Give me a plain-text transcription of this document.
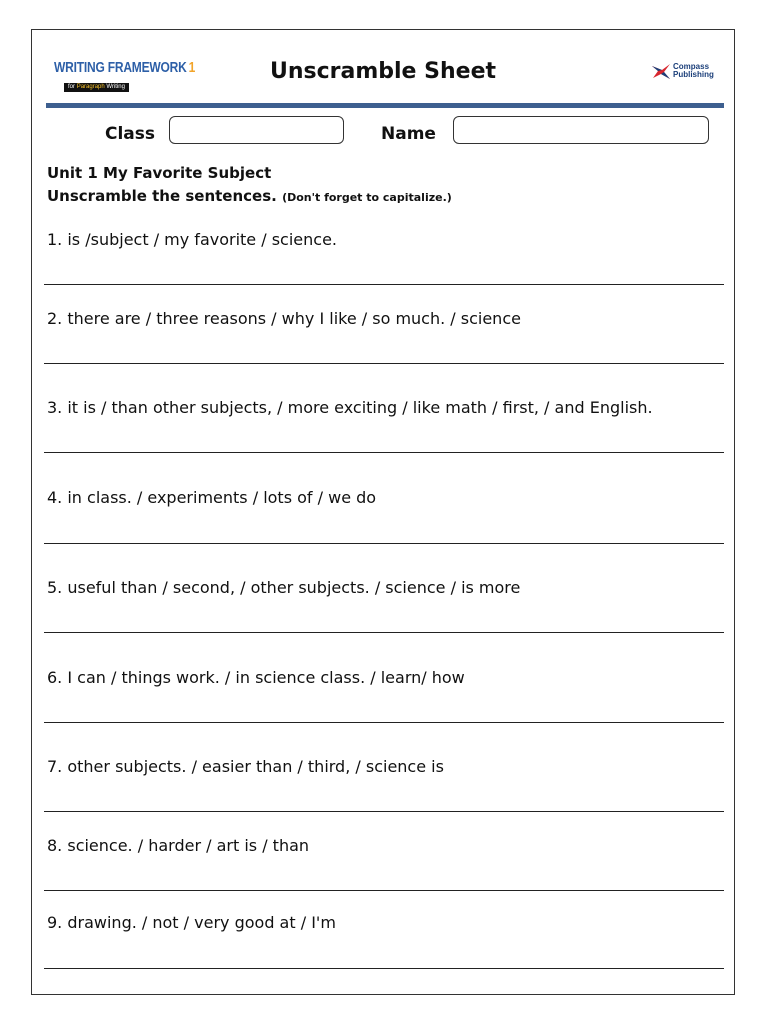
WRITING FRAMEWORK 1
for Paragraph Writing
Unscramble Sheet	Compass
Publishing
Class	Name
Unit 1 My Favorite Subject
Unscramble the sentences. (Don't forget to capitalize.)
1. is /subject / my favorite / science.
2. there are / three reasons / why I like / so much. / science
3. it is / than other subjects, / more exciting / like math / first, / and English.
4. in class. / experiments / lots of / we do
5. useful than / second, / other subjects. / science / is more
6. I can / things work. / in science class. / learn/ how
7. other subjects. / easier than / third, / science is
8. science. / harder / art is / than
9. drawing. / not / very good at / I'm
